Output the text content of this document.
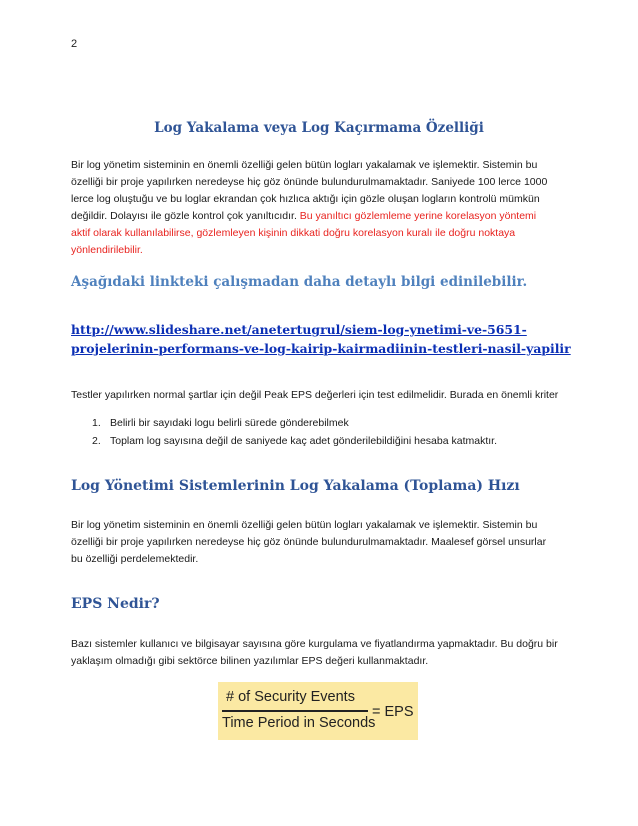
2
Log Yakalama veya Log Kaçırmama Özelliği
Bir log yönetim sisteminin en önemli özelliği gelen bütün logları yakalamak ve işlemektir. Sistemin bu
özelliği bir proje yapılırken neredeyse hiç göz önünde bulundurulmamaktadır. Saniyede 100 lerce 1000
lerce log oluştuğu ve bu loglar ekrandan çok hızlıca aktığı için gözle oluşan logların kontrolü mümkün
değildir. Dolayısı ile gözle kontrol çok yanıltıcıdır. Bu yanıltıcı gözlemleme yerine korelasyon yöntemi
aktif olarak kullanılabilirse, gözlemleyen kişinin dikkati doğru korelasyon kuralı ile doğru noktaya
yönlendirilebilir.
Aşağıdaki linkteki çalışmadan daha detaylı bilgi edinilebilir.
http://www.slideshare.net/anetertugrul/siem-log-ynetimi-ve-5651-
projelerinin-performans-ve-log-kairip-kairmadiinin-testleri-nasil-yapilir
Testler yapılırken normal şartlar için değil Peak EPS değerleri için test edilmelidir. Burada en önemli kriter
1. Belirli bir sayıdaki logu belirli sürede gönderebilmek
2. Toplam log sayısına değil de saniyede kaç adet gönderilebildiğini hesaba katmaktır.
Log Yönetimi Sistemlerinin Log Yakalama (Toplama) Hızı
Bir log yönetim sisteminin en önemli özelliği gelen bütün logları yakalamak ve işlemektir. Sistemin bu
özelliği bir proje yapılırken neredeyse hiç göz önünde bulundurulmamaktadır. Maalesef görsel unsurlar
bu özelliği perdelemektedir.
EPS Nedir?
Bazı sistemler kullanıcı ve bilgisayar sayısına göre kurgulama ve fiyatlandırma yapmaktadır. Bu doğru bir
yaklaşım olmadığı gibi sektörce bilinen yazılımlar EPS değeri kullanmaktadır.
# of Security Events
Time Period in Seconds
= EPS
